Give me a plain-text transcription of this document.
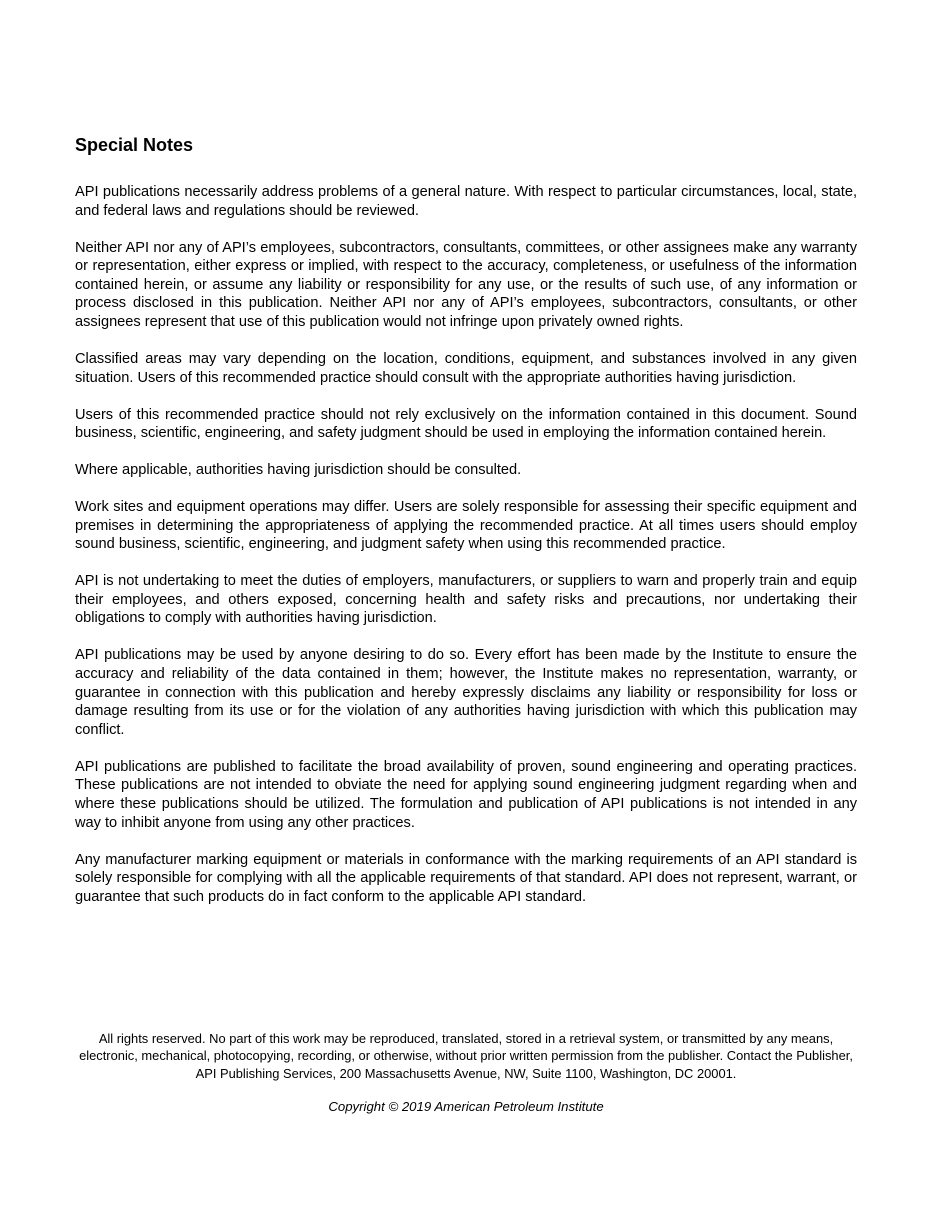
Special Notes

API publications necessarily address problems of a general nature. With respect to particular circumstances, local, state, and federal laws and regulations should be reviewed.

Neither API nor any of API’s employees, subcontractors, consultants, committees, or other assignees make any warranty or representation, either express or implied, with respect to the accuracy, completeness, or usefulness of the information contained herein, or assume any liability or responsibility for any use, or the results of such use, of any information or process disclosed in this publication. Neither API nor any of API’s employees, subcontractors, consultants, or other assignees represent that use of this publication would not infringe upon privately owned rights.

Classified areas may vary depending on the location, conditions, equipment, and substances involved in any given situation. Users of this recommended practice should consult with the appropriate authorities having jurisdiction.

Users of this recommended practice should not rely exclusively on the information contained in this document. Sound business, scientific, engineering, and safety judgment should be used in employing the information contained herein.

Where applicable, authorities having jurisdiction should be consulted.

Work sites and equipment operations may differ. Users are solely responsible for assessing their specific equipment and premises in determining the appropriateness of applying the recommended practice. At all times users should employ sound business, scientific, engineering, and judgment safety when using this recommended practice.

API is not undertaking to meet the duties of employers, manufacturers, or suppliers to warn and properly train and equip their employees, and others exposed, concerning health and safety risks and precautions, nor undertaking their obligations to comply with authorities having jurisdiction.

API publications may be used by anyone desiring to do so. Every effort has been made by the Institute to ensure the accuracy and reliability of the data contained in them; however, the Institute makes no representation, warranty, or guarantee in connection with this publication and hereby expressly disclaims any liability or responsibility for loss or damage resulting from its use or for the violation of any authorities having jurisdiction with which this publication may conflict.

API publications are published to facilitate the broad availability of proven, sound engineering and operating practices. These publications are not intended to obviate the need for applying sound engineering judgment regarding when and where these publications should be utilized. The formulation and publication of API publications is not intended in any way to inhibit anyone from using any other practices.

Any manufacturer marking equipment or materials in conformance with the marking requirements of an API standard is solely responsible for complying with all the applicable requirements of that standard. API does not represent, warrant, or guarantee that such products do in fact conform to the applicable API standard.

All rights reserved. No part of this work may be reproduced, translated, stored in a retrieval system, or transmitted by any means, electronic, mechanical, photocopying, recording, or otherwise, without prior written permission from the publisher. Contact the Publisher, API Publishing Services, 200 Massachusetts Avenue, NW, Suite 1100, Washington, DC 20001.

Copyright © 2019 American Petroleum Institute
